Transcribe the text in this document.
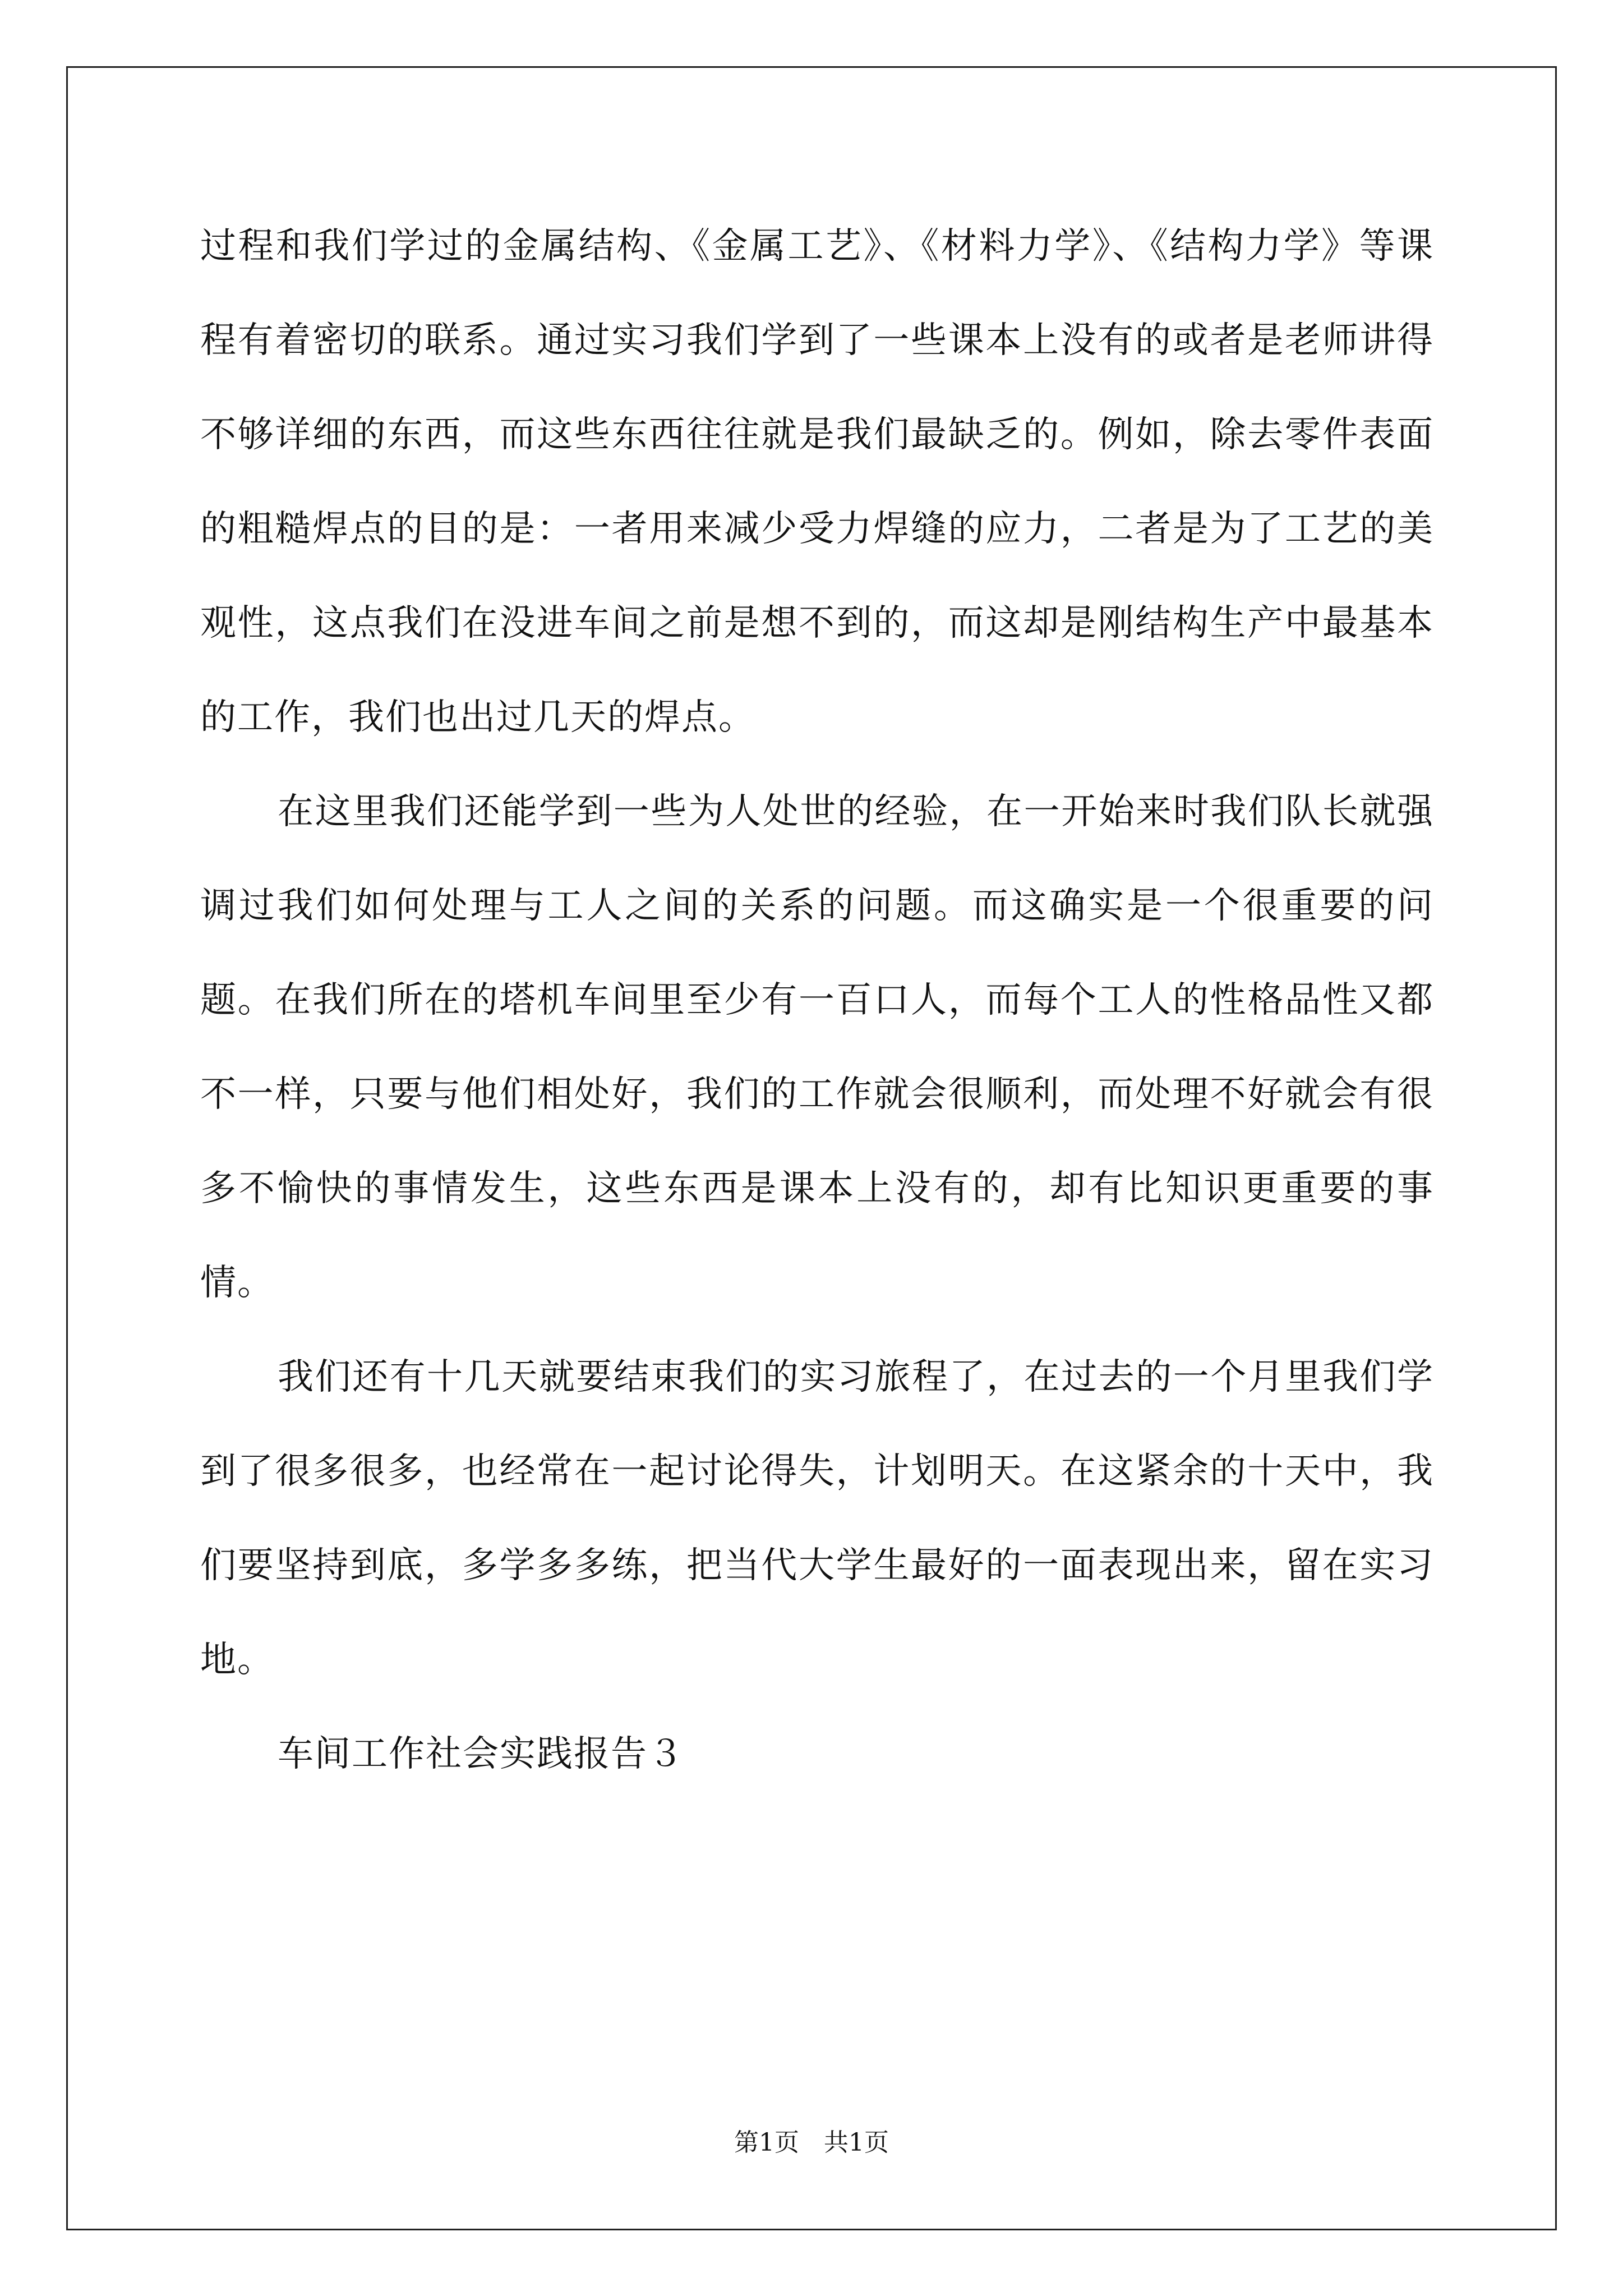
过程和我们学过的金属结构、《金属工艺》、《材料力学》、《结构力学》等课程有着密切的联系。通过实习我们学到了一些课本上没有的或者是老师讲得不够详细的东西，而这些东西往往就是我们最缺乏的。例如，除去零件表面的粗糙焊点的目的是：一者用来减少受力焊缝的应力，二者是为了工艺的美观性，这点我们在没进车间之前是想不到的，而这却是刚结构生产中最基本的工作，我们也出过几天的焊点。

在这里我们还能学到一些为人处世的经验，在一开始来时我们队长就强调过我们如何处理与工人之间的关系的问题。而这确实是一个很重要的问题。在我们所在的塔机车间里至少有一百口人，而每个工人的性格品性又都不一样，只要与他们相处好，我们的工作就会很顺利，而处理不好就会有很多不愉快的事情发生，这些东西是课本上没有的，却有比知识更重要的事情。

我们还有十几天就要结束我们的实习旅程了，在过去的一个月里我们学到了很多很多，也经常在一起讨论得失，计划明天。在这紧余的十天中，我们要坚持到底，多学多多练，把当代大学生最好的一面表现出来，留在实习地。

车间工作社会实践报告３

第1页　共1页
